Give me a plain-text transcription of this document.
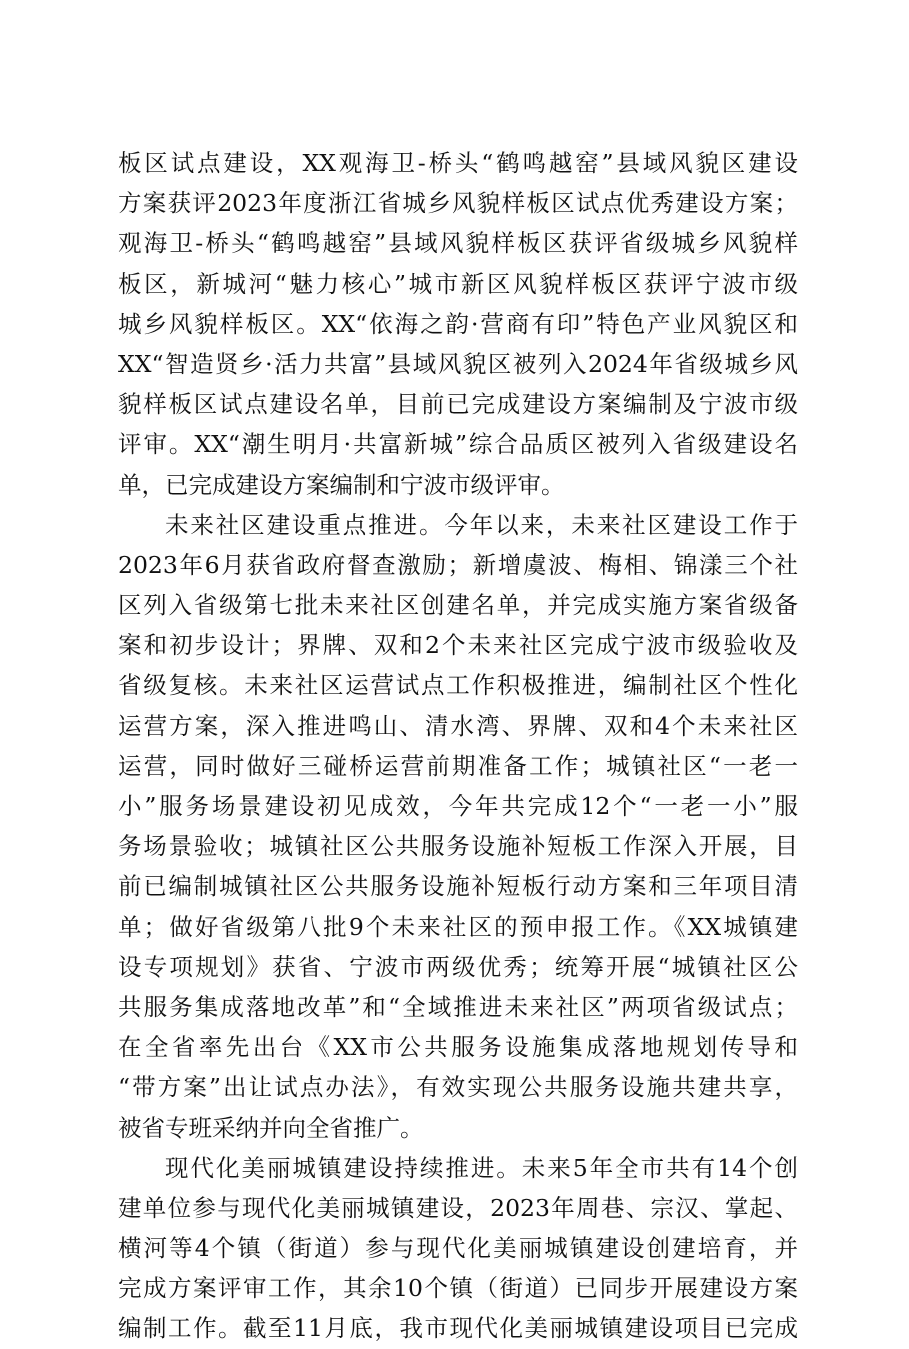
板区试点建设，XX观海卫-桥头“鹤鸣越窑”县域风貌区建设
方案获评2023年度浙江省城乡风貌样板区试点优秀建设方案；
观海卫-桥头“鹤鸣越窑”县域风貌样板区获评省级城乡风貌样
板区，新城河“魅力核心”城市新区风貌样板区获评宁波市级
城乡风貌样板区。XX“依海之韵·营商有印”特色产业风貌区和
XX“智造贤乡·活力共富”县域风貌区被列入2024年省级城乡风
貌样板区试点建设名单，目前已完成建设方案编制及宁波市级
评审。XX“潮生明月·共富新城”综合品质区被列入省级建设名
单，已完成建设方案编制和宁波市级评审。
未来社区建设重点推进。今年以来，未来社区建设工作于
2023年6月获省政府督查激励；新增虞波、梅相、锦漾三个社
区列入省级第七批未来社区创建名单，并完成实施方案省级备
案和初步设计；界牌、双和2个未来社区完成宁波市级验收及
省级复核。未来社区运营试点工作积极推进，编制社区个性化
运营方案，深入推进鸣山、清水湾、界牌、双和4个未来社区
运营，同时做好三碰桥运营前期准备工作；城镇社区“一老一
小”服务场景建设初见成效，今年共完成12个“一老一小”服
务场景验收；城镇社区公共服务设施补短板工作深入开展，目
前已编制城镇社区公共服务设施补短板行动方案和三年项目清
单；做好省级第八批9个未来社区的预申报工作。《XX城镇建
设专项规划》获省、宁波市两级优秀；统筹开展“城镇社区公
共服务集成落地改革”和“全域推进未来社区”两项省级试点；
在全省率先出台《XX市公共服务设施集成落地规划传导和
“带方案”出让试点办法》，有效实现公共服务设施共建共享，
被省专班采纳并向全省推广。
现代化美丽城镇建设持续推进。未来5年全市共有14个创
建单位参与现代化美丽城镇建设，2023年周巷、宗汉、掌起、
横河等4个镇（街道）参与现代化美丽城镇建设创建培育，并
完成方案评审工作，其余10个镇（街道）已同步开展建设方案
编制工作。截至11月底，我市现代化美丽城镇建设项目已完成
